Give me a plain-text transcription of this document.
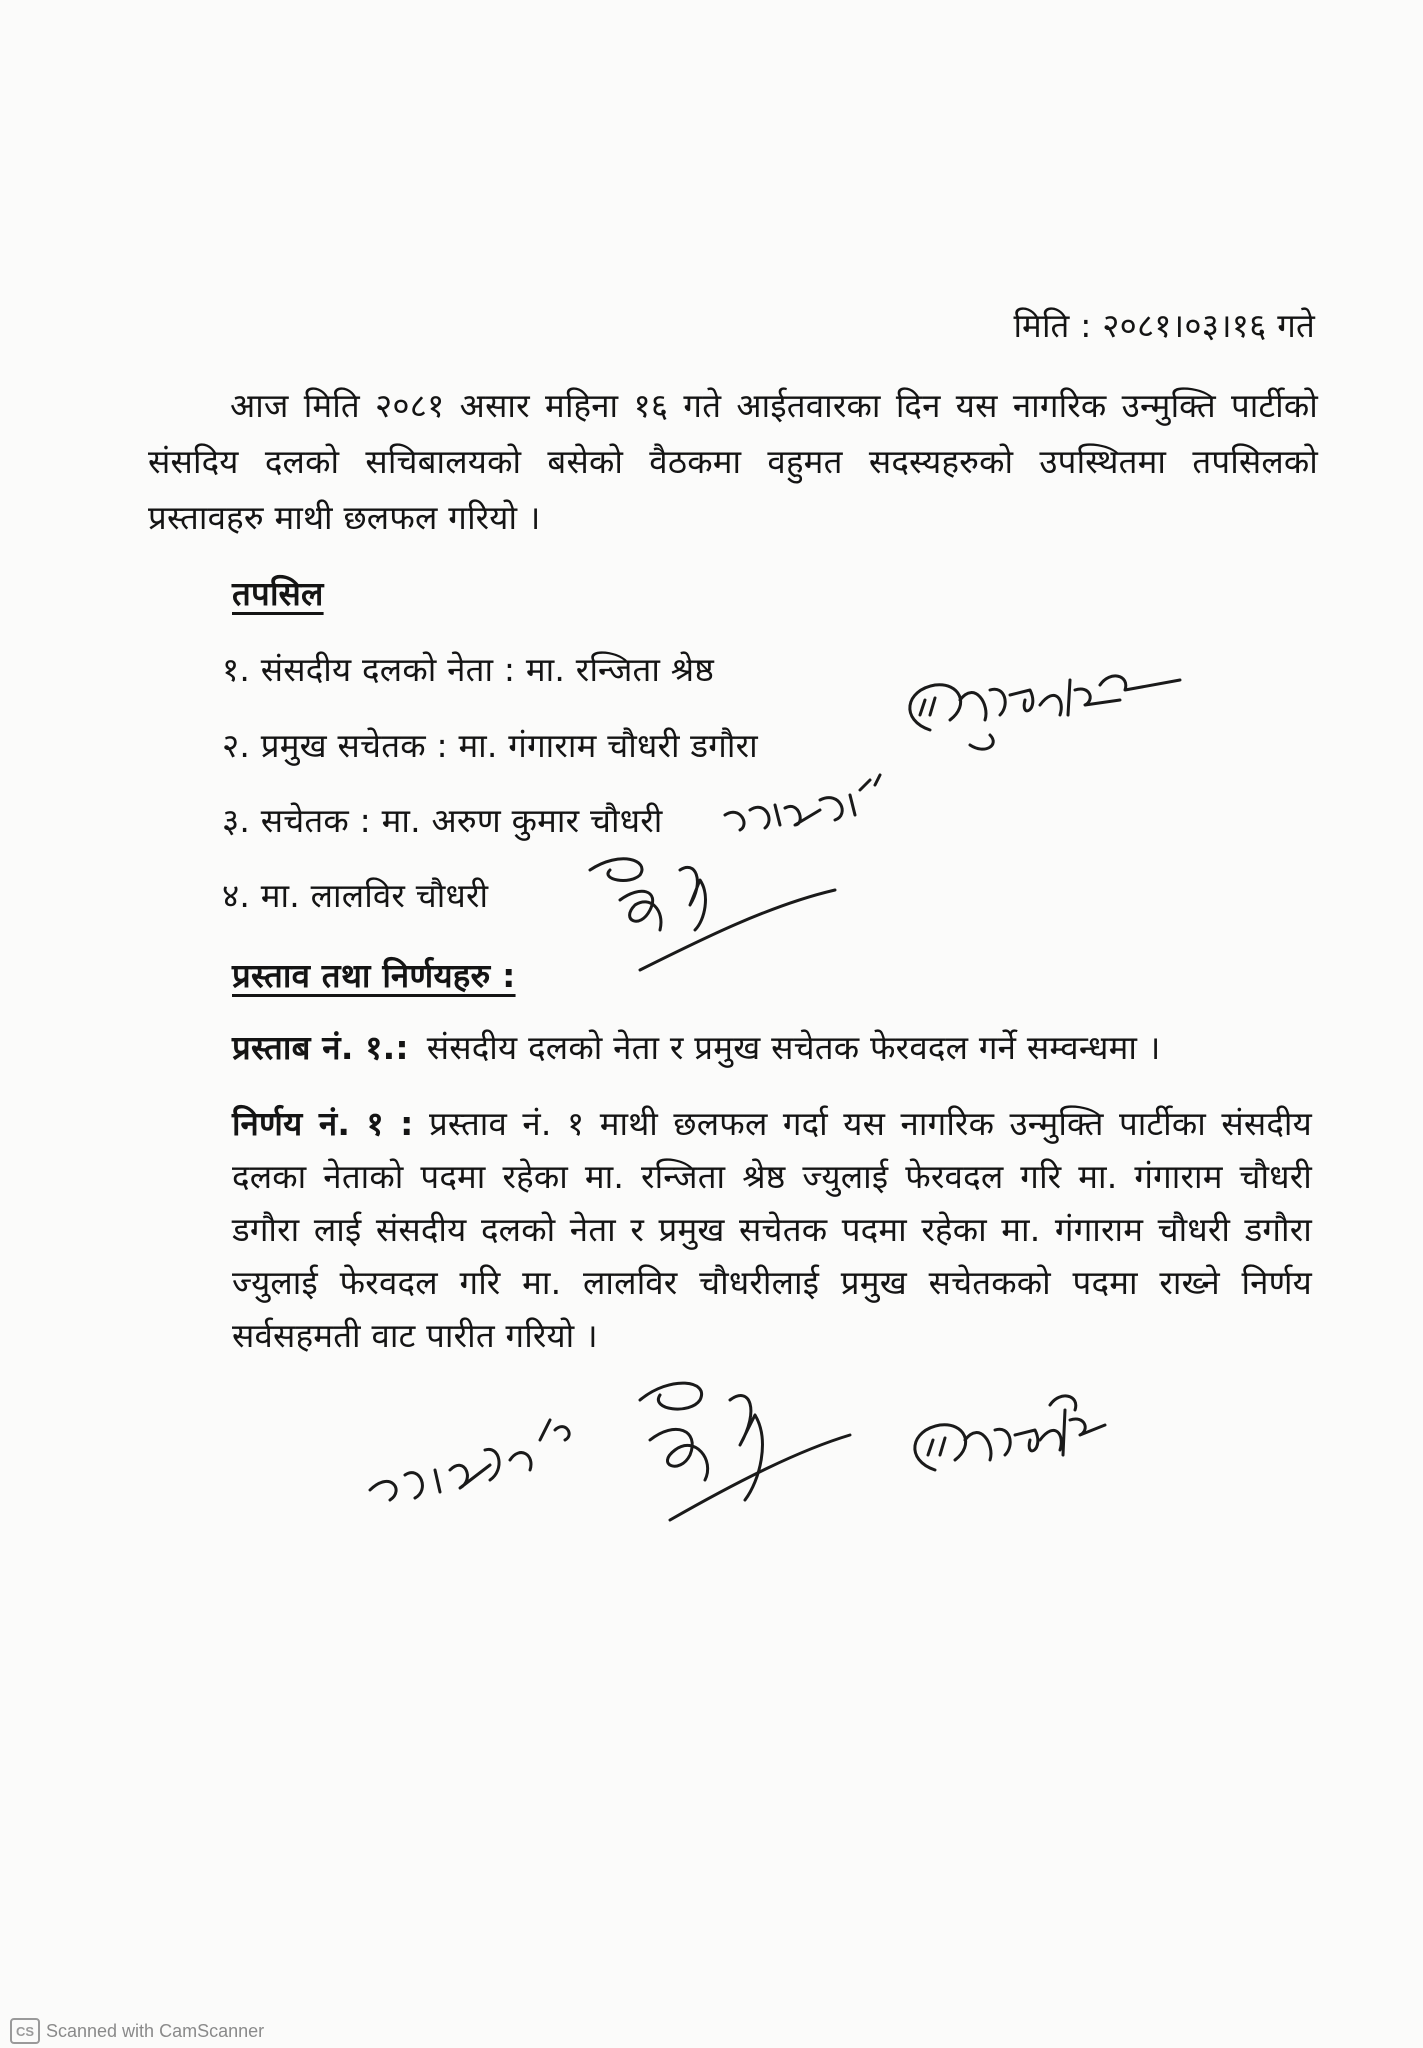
मिति : २०८१।०३।१६ गते
आज मिति २०८१ असार महिना १६ गते आईतवारका दिन यस नागरिक उन्मुक्ति पार्टीको संसदिय दलको सचिबालयको बसेको वैठकमा वहुमत सदस्यहरुको उपस्थितमा तपसिलको प्रस्तावहरु माथी छलफल गरियो ।
तपसिल
१. संसदीय दलको नेता : मा. रन्जिता श्रेष्ठ
२. प्रमुख सचेतक : मा. गंगाराम चौधरी डगौरा
३. सचेतक : मा. अरुण कुमार चौधरी
४. मा. लालविर चौधरी
प्रस्ताव तथा निर्णयहरु :
प्रस्ताब नं. १.: संसदीय दलको नेता र प्रमुख सचेतक फेरवदल गर्ने सम्वन्धमा ।
निर्णय नं. १ : प्रस्ताव नं. १ माथी छलफल गर्दा यस नागरिक उन्मुक्ति पार्टीका संसदीय दलका नेताको पदमा रहेका मा. रन्जिता श्रेष्ठ ज्युलाई फेरवदल गरि मा. गंगाराम चौधरी डगौरा लाई संसदीय दलको नेता र प्रमुख सचेतक पदमा रहेका मा. गंगाराम चौधरी डगौरा ज्युलाई फेरवदल गरि मा. लालविर चौधरीलाई प्रमुख सचेतकको पदमा राख्ने निर्णय सर्वसहमती वाट पारीत गरियो ।
CS Scanned with CamScanner
